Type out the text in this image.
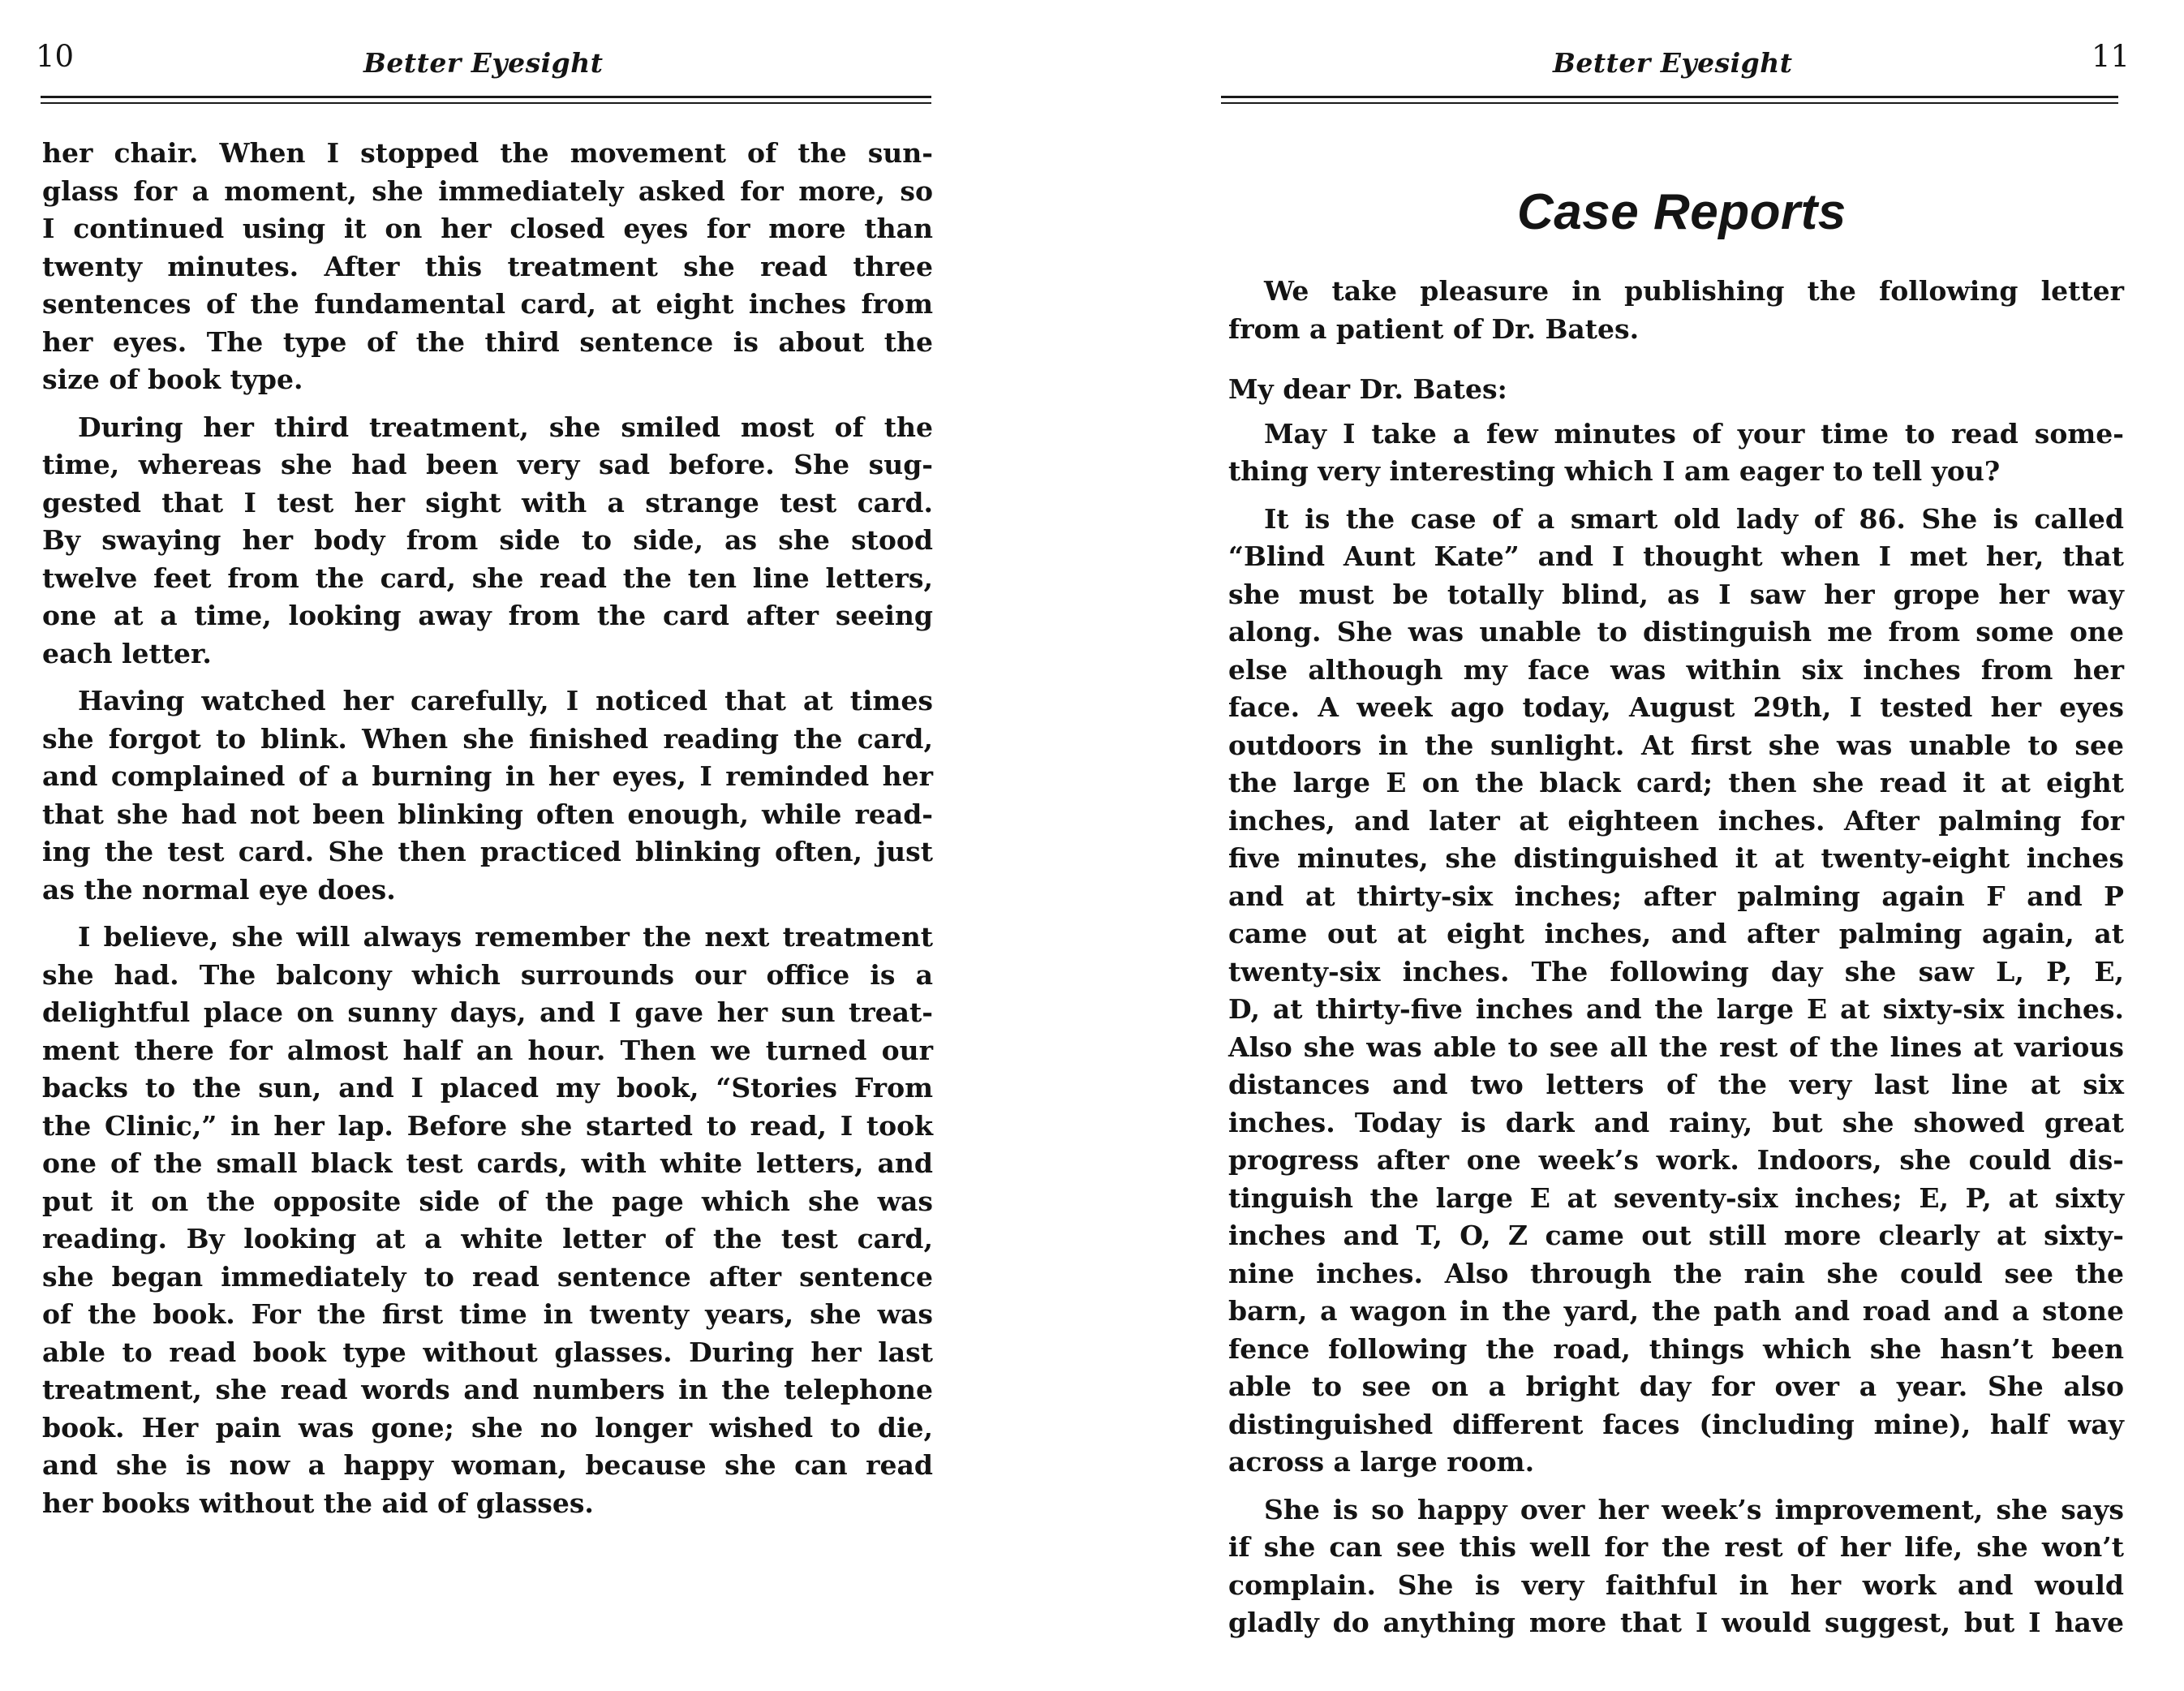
10	Better Eyesight
her chair. When I stopped the movement of the sun-
glass for a moment, she immediately asked for more, so
I continued using it on her closed eyes for more than
twenty minutes. After this treatment she read three
sentences of the fundamental card, at eight inches from
her eyes. The type of the third sentence is about the
size of book type.
During her third treatment, she smiled most of the
time, whereas she had been very sad before. She sug-
gested that I test her sight with a strange test card.
By swaying her body from side to side, as she stood
twelve feet from the card, she read the ten line letters,
one at a time, looking away from the card after seeing
each letter.
Having watched her carefully, I noticed that at times
she forgot to blink. When she finished reading the card,
and complained of a burning in her eyes, I reminded her
that she had not been blinking often enough, while read-
ing the test card. She then practiced blinking often, just
as the normal eye does.
I believe, she will always remember the next treatment
she had. The balcony which surrounds our office is a
delightful place on sunny days, and I gave her sun treat-
ment there for almost half an hour. Then we turned our
backs to the sun, and I placed my book, “Stories From
the Clinic,” in her lap. Before she started to read, I took
one of the small black test cards, with white letters, and
put it on the opposite side of the page which she was
reading. By looking at a white letter of the test card,
she began immediately to read sentence after sentence
of the book. For the first time in twenty years, she was
able to read book type without glasses. During her last
treatment, she read words and numbers in the telephone
book. Her pain was gone; she no longer wished to die,
and she is now a happy woman, because she can read
her books without the aid of glasses.
Better Eyesight	11
Case Reports
We take pleasure in publishing the following letter
from a patient of Dr. Bates.
My dear Dr. Bates:
May I take a few minutes of your time to read some-
thing very interesting which I am eager to tell you?
It is the case of a smart old lady of 86. She is called
“Blind Aunt Kate” and I thought when I met her, that
she must be totally blind, as I saw her grope her way
along. She was unable to distinguish me from some one
else although my face was within six inches from her
face. A week ago today, August 29th, I tested her eyes
outdoors in the sunlight. At first she was unable to see
the large E on the black card; then she read it at eight
inches, and later at eighteen inches. After palming for
five minutes, she distinguished it at twenty-eight inches
and at thirty-six inches; after palming again F and P
came out at eight inches, and after palming again, at
twenty-six inches. The following day she saw L, P, E,
D, at thirty-five inches and the large E at sixty-six inches.
Also she was able to see all the rest of the lines at various
distances and two letters of the very last line at six
inches. Today is dark and rainy, but she showed great
progress after one week’s work. Indoors, she could dis-
tinguish the large E at seventy-six inches; E, P, at sixty
inches and T, O, Z came out still more clearly at sixty-
nine inches. Also through the rain she could see the
barn, a wagon in the yard, the path and road and a stone
fence following the road, things which she hasn’t been
able to see on a bright day for over a year. She also
distinguished different faces (including mine), half way
across a large room.
She is so happy over her week’s improvement, she says
if she can see this well for the rest of her life, she won’t
complain. She is very faithful in her work and would
gladly do anything more that I would suggest, but I have
